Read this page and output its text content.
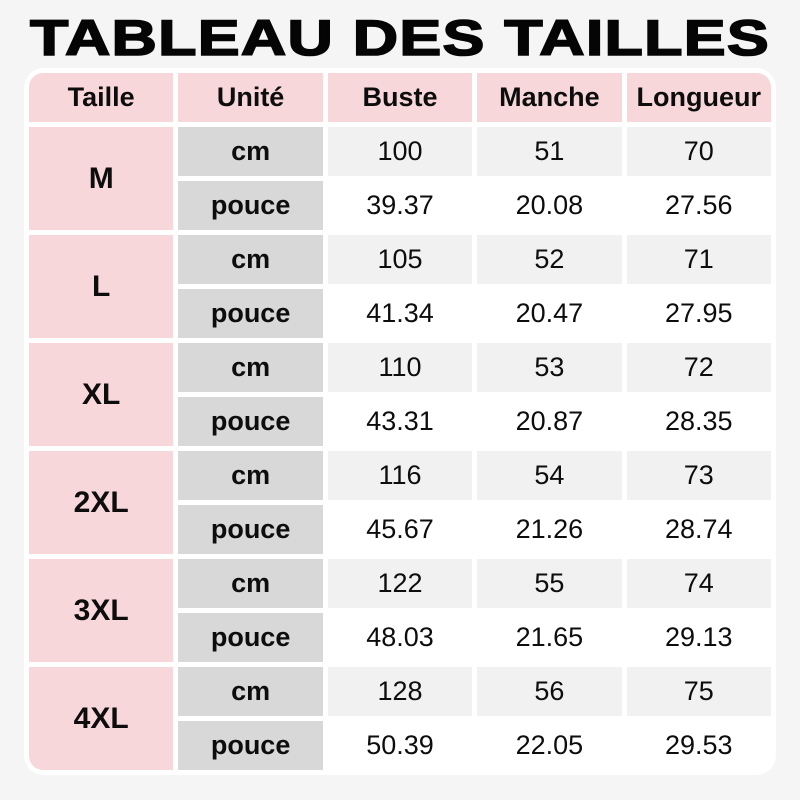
TABLEAU DES TAILLES
Taille	Unité	Buste	Manche	Longueur
M	cm	100	51	70
	pouce	39.37	20.08	27.56
L	cm	105	52	71
	pouce	41.34	20.47	27.95
XL	cm	110	53	72
	pouce	43.31	20.87	28.35
2XL	cm	116	54	73
	pouce	45.67	21.26	28.74
3XL	cm	122	55	74
	pouce	48.03	21.65	29.13
4XL	cm	128	56	75
	pouce	50.39	22.05	29.53
